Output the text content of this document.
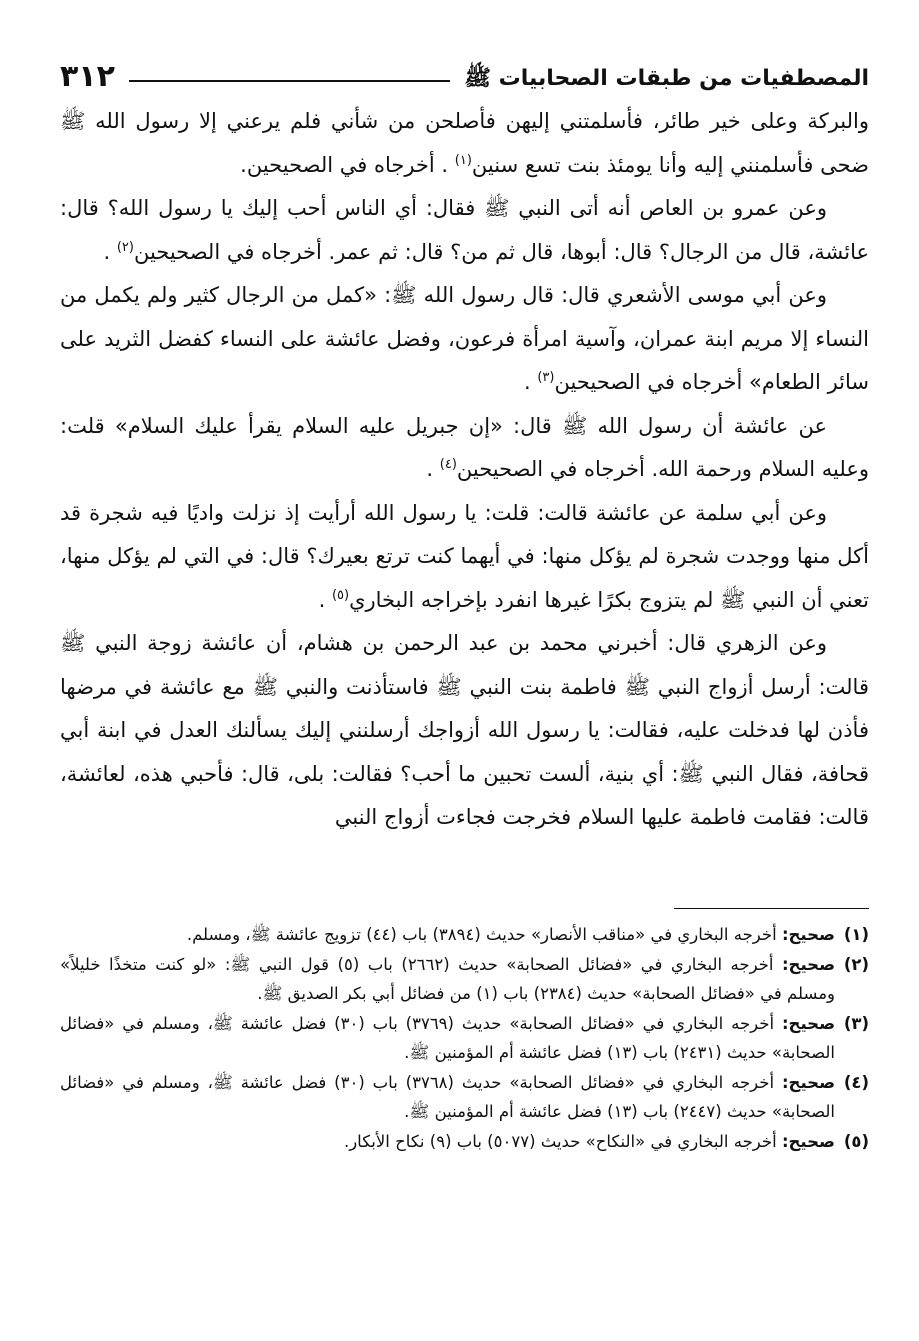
المصطفيات من طبقات الصحابيات ﷺ
٣١٢

والبركة وعلى خير طائر، فأسلمتني إليهن فأصلحن من شأني فلم يرعني إلا رسول الله ﷺ ضحى فأسلمنني إليه وأنا يومئذ بنت تسع سنين$^{(١)}$ . أخرجاه في الصحيحين.

وعن عمرو بن العاص أنه أتى النبي ﷺ فقال: أي الناس أحب إليك يا رسول الله؟ قال: عائشة، قال من الرجال؟ قال: أبوها، قال ثم من؟ قال: ثم عمر. أخرجاه في الصحيحين$^{(٢)}$ .

وعن أبي موسى الأشعري قال: قال رسول الله ﷺ: «كمل من الرجال كثير ولم يكمل من النساء إلا مريم ابنة عمران، وآسية امرأة فرعون، وفضل عائشة على النساء كفضل الثريد على سائر الطعام» أخرجاه في الصحيحين$^{(٣)}$ .

عن عائشة أن رسول الله ﷺ قال: «إن جبريل عليه السلام يقرأ عليك السلام» قلت: وعليه السلام ورحمة الله. أخرجاه في الصحيحين$^{(٤)}$ .

وعن أبي سلمة عن عائشة قالت: قلت: يا رسول الله أرأيت إذ نزلت واديًا فيه شجرة قد أكل منها ووجدت شجرة لم يؤكل منها: في أيهما كنت ترتع بعيرك؟ قال: في التي لم يؤكل منها، تعني أن النبي ﷺ لم يتزوج بكرًا غيرها انفرد بإخراجه البخاري$^{(٥)}$ .

وعن الزهري قال: أخبرني محمد بن عبد الرحمن بن هشام، أن عائشة زوجة النبي ﷺ قالت: أرسل أزواج النبي ﷺ فاطمة بنت النبي ﷺ فاستأذنت والنبي ﷺ مع عائشة في مرضها فأذن لها فدخلت عليه، فقالت: يا رسول الله أزواجك أرسلنني إليك يسألنك العدل في ابنة أبي قحافة، فقال النبي ﷺ: أي بنية، ألست تحبين ما أحب؟ فقالت: بلى، قال: فأحبي هذه، لعائشة، قالت: فقامت فاطمة عليها السلام فخرجت فجاءت أزواج النبي

(١)
صحيح: أخرجه البخاري في «مناقب الأنصار» حديث (٣٨٩٤) باب (٤٤) تزويج عائشة ﷺ، ومسلم.
(٢)
صحيح: أخرجه البخاري في «فضائل الصحابة» حديث (٢٦٦٢) باب (٥) قول النبي ﷺ: «لو كنت متخذًا خليلاً» ومسلم في «فضائل الصحابة» حديث (٢٣٨٤) باب (١) من فضائل أبي بكر الصديق ﷺ.
(٣)
صحيح: أخرجه البخاري في «فضائل الصحابة» حديث (٣٧٦٩) باب (٣٠) فضل عائشة ﷺ، ومسلم في «فضائل الصحابة» حديث (٢٤٣١) باب (١٣) فضل عائشة أم المؤمنين ﷺ.
(٤)
صحيح: أخرجه البخاري في «فضائل الصحابة» حديث (٣٧٦٨) باب (٣٠) فضل عائشة ﷺ، ومسلم في «فضائل الصحابة» حديث (٢٤٤٧) باب (١٣) فضل عائشة أم المؤمنين ﷺ.
(٥)
صحيح: أخرجه البخاري في «النكاح» حديث (٥٠٧٧) باب (٩) نكاح الأبكار.
